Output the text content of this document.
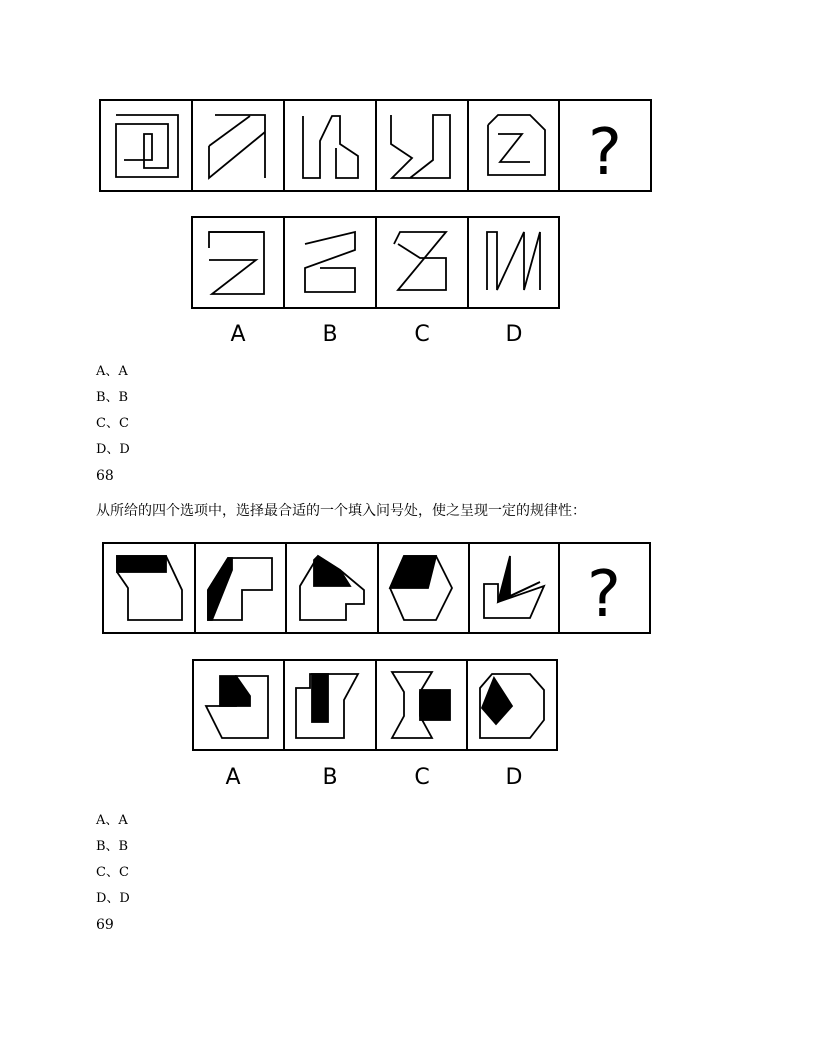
?
A	B	C	D
?
A	B	C	D
A、A
B、B
C、C
D、D
68
从所给的四个选项中，选择最合适的一个填入问号处，使之呈现一定的规律性：
A、A
B、B
C、C
D、D
69
